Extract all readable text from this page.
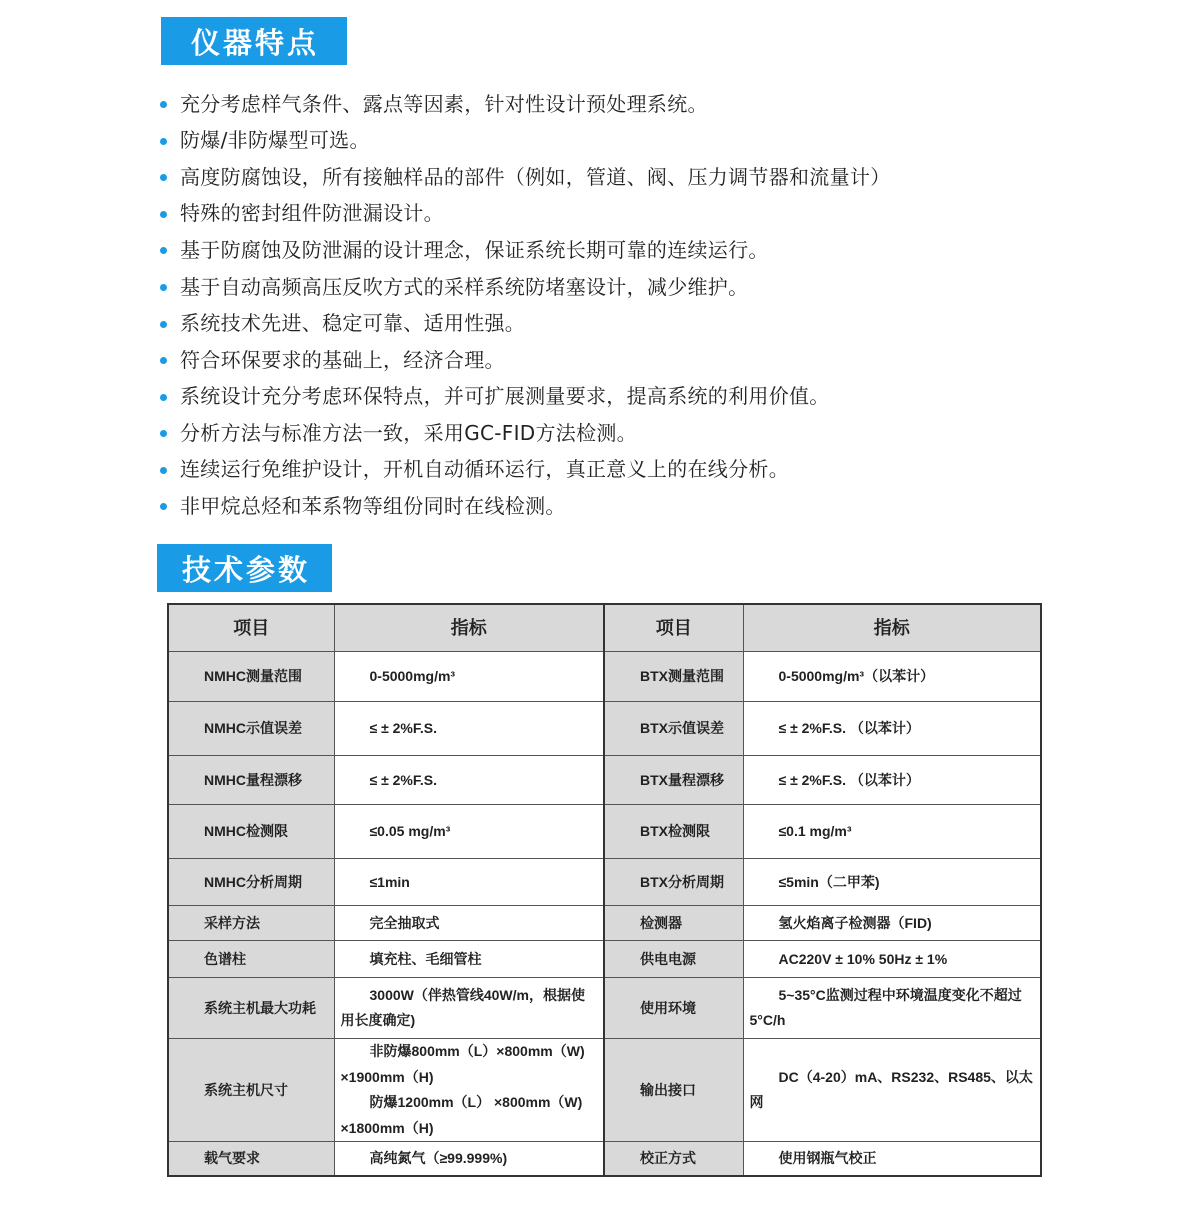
仪器特点
充分考虑样气条件、露点等因素，针对性设计预处理系统。
防爆/非防爆型可选。
高度防腐蚀设，所有接触样品的部件（例如，管道、阀、压力调节器和流量计）
特殊的密封组件防泄漏设计。
基于防腐蚀及防泄漏的设计理念，保证系统长期可靠的连续运行。
基于自动高频高压反吹方式的采样系统防堵塞设计，减少维护。
系统技术先进、稳定可靠、适用性强。
符合环保要求的基础上，经济合理。
系统设计充分考虑环保特点，并可扩展测量要求，提高系统的利用价值。
分析方法与标准方法一致，采用GC-FID方法检测。
连续运行免维护设计，开机自动循环运行，真正意义上的在线分析。
非甲烷总烃和苯系物等组份同时在线检测。
技术参数
项目	指标	项目	指标
NMHC测量范围	0-5000mg/m³	BTX测量范围	0-5000mg/m³（以苯计）
NMHC示值误差	≤ ± 2%F.S.	BTX示值误差	≤ ± 2%F.S. （以苯计）
NMHC量程漂移	≤ ± 2%F.S.	BTX量程漂移	≤ ± 2%F.S. （以苯计）
NMHC检测限	≤0.05 mg/m³	BTX检测限	≤0.1 mg/m³
NMHC分析周期	≤1min	BTX分析周期	≤5min（二甲苯)
采样方法	完全抽取式	检测器	氢火焰离子检测器（FID)
色谱柱	填充柱、毛细管柱	供电电源	AC220V ± 10% 50Hz ± 1%
系统主机最大功耗	3000W（伴热管线40W/m，根据使用长度确定)	使用环境	5~35°C监测过程中环境温度变化不超过5°C/h
系统主机尺寸	非防爆800mm（L）×800mm（W)
×1900mm（H)
防爆1200mm（L） ×800mm（W)
×1800mm（H)	输出接口	DC（4-20）mA、RS232、RS485、以太网
载气要求	高纯氮气（≥99.999%)	校正方式	使用钢瓶气校正
